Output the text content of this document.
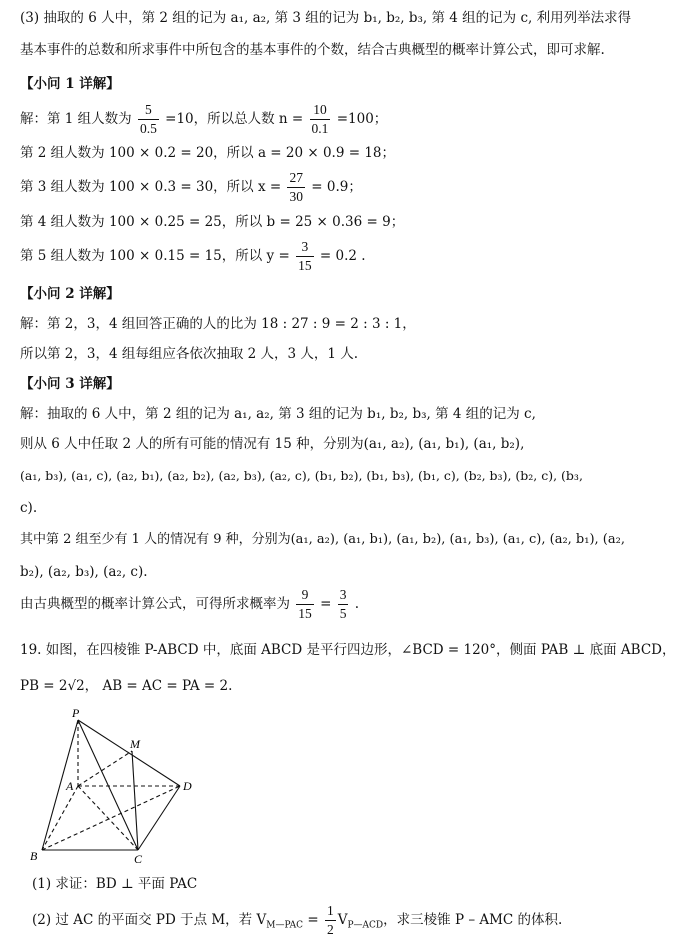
(3) 抽取的 6 人中，第 2 组的记为 a₁, a₂, 第 3 组的记为 b₁, b₂, b₃, 第 4 组的记为 c, 利用列举法求得
基本事件的总数和所求事件中所包含的基本事件的个数，结合古典概型的概率计算公式，即可求解.
【小问 1 详解】
解：第 1 组人数为 $\frac{5}{0.5} =10$，所以总人数 $n = \frac{10}{0.1} =100$；
第 2 组人数为 100 × 0.2 = 20，所以 a = 20 × 0.9 = 18；
第 3 组人数为 100 × 0.3 = 30，所以 $x = \frac{27}{30} = 0.9$；
第 4 组人数为 100 × 0.25 = 25，所以 b = 25 × 0.36 = 9；
第 5 组人数为 100 × 0.15 = 15，所以 $y = \frac{3}{15} = 0.2$ .
【小问 2 详解】
解：第 2，3，4 组回答正确的人的比为 18 : 27 : 9 = 2 : 3 : 1，
所以第 2，3，4 组每组应各依次抽取 2 人，3 人，1 人.
【小问 3 详解】
解：抽取的 6 人中，第 2 组的记为 a₁, a₂, 第 3 组的记为 b₁, b₂, b₃, 第 4 组的记为 c,
则从 6 人中任取 2 人的所有可能的情况有 15 种，分别为(a₁, a₂), (a₁, b₁), (a₁, b₂),
(a₁, b₃), (a₁, c), (a₂, b₁), (a₂, b₂), (a₂, b₃), (a₂, c), (b₁, b₂), (b₁, b₃), (b₁, c), (b₂, b₃), (b₂, c), (b₃,
c).
其中第 2 组至少有 1 人的情况有 9 种，分别为(a₁, a₂), (a₁, b₁), (a₁, b₂), (a₁, b₃), (a₁, c), (a₂, b₁), (a₂,
b₂), (a₂, b₃), (a₂, c).
由古典概型的概率计算公式，可得所求概率为 $\frac{9}{15} = \frac{3}{5}$ .
19. 如图，在四棱锥 P-ABCD 中，底面 ABCD 是平行四边形，∠BCD = 120°，侧面 PAB ⊥ 底面 ABCD，
PB = 2√2， AB = AC = PA = 2.
P
M
A	D
B	C
(1) 求证：BD ⊥ 平面 PAC
(2) 过 AC 的平面交 PD 于点 M，若 $V_{M—PAC} = \frac{1}{2} V_{P—ACD}$，求三棱锥 P – AMC 的体积.
